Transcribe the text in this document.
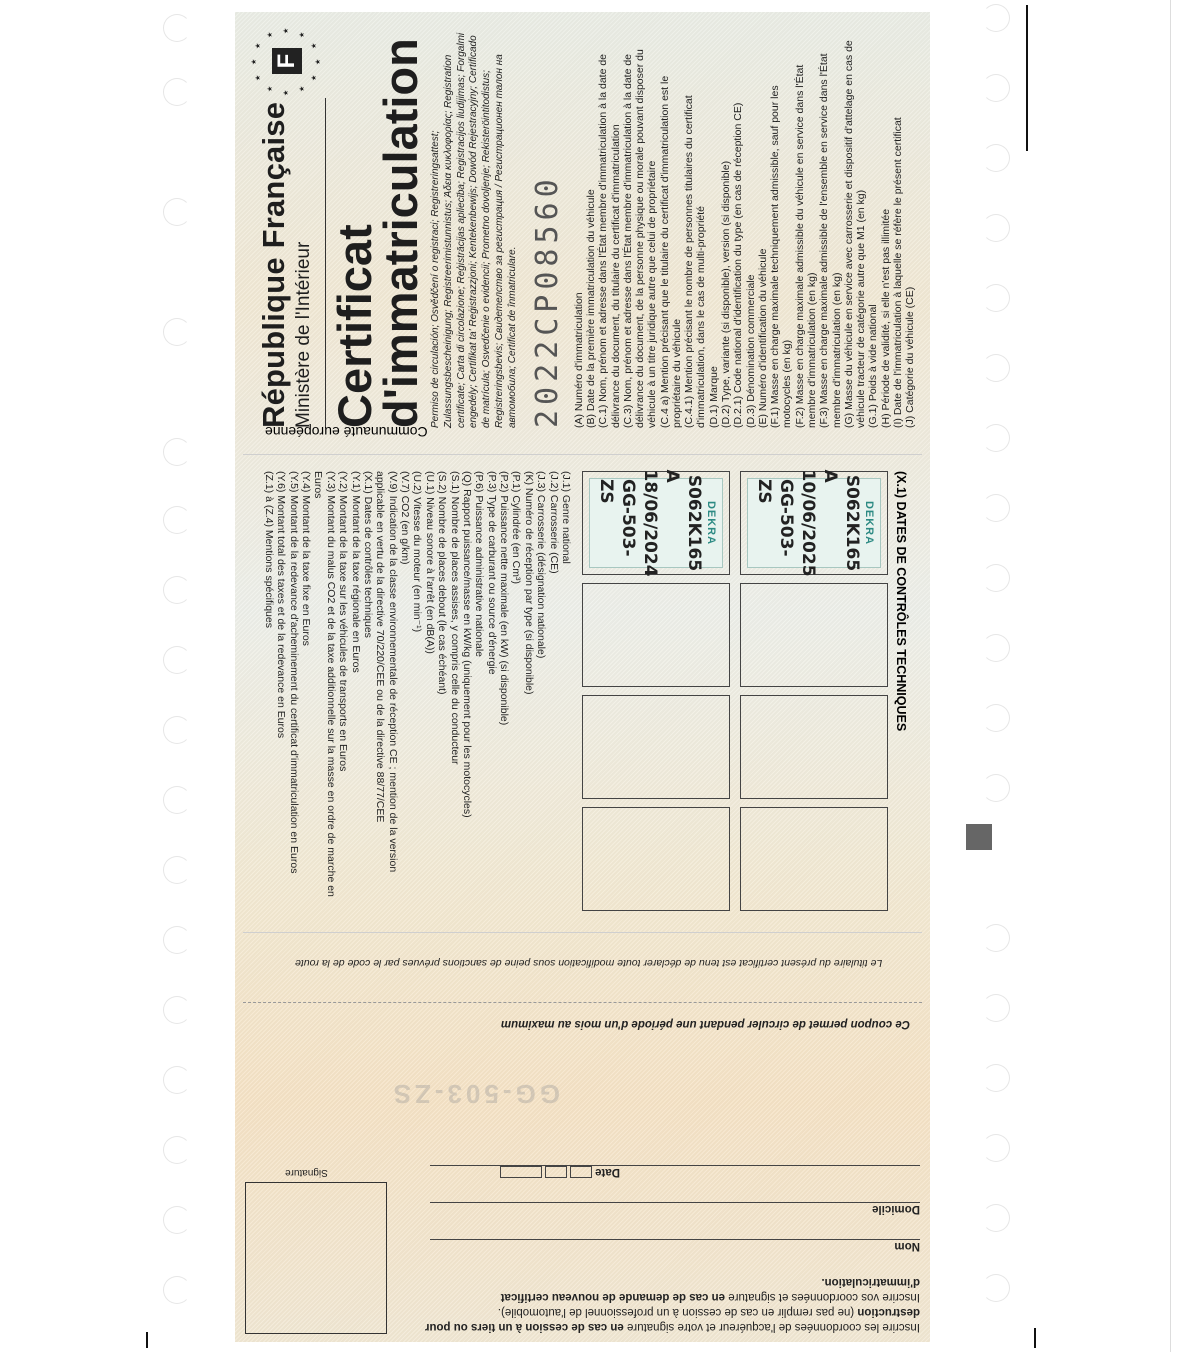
★
★
★
★
★
★
★
★
★
★
★
★
F
République Française Ministère de l'Intérieur Certificat
d'immatriculation Permiso de circulación; Osvědčení o registraci; Registreringsattest; Zulassungsbescheinigung; Registreerimistunnistus; Άδεια κυκλοφορίας; Registration certificate; Carta di circolazione; Reģistrācijas apliecība; Registracijos liudijimas; Forgalmi engedély; Certifikat ta' Reġistrazzjoni; Kentekenbewijs; Dowód Rejestracyjny; Certificado de matrícula; Osvedčenie o evidencii; Prometno dovoljenje; Rekisteröintitodistus; Registreringsbevis; Свидетелство за регистрация / Регистрационен талон на автомобила; Certificat de înmatriculare. 2022CP08560 (A) Numéro d'immatriculation (B) Date de la première immatriculation du véhicule (C.1) Nom, prénom et adresse dans l'État membre d'immatriculation à la date de délivrance du document, du titulaire du certificat d'immatriculation (C.3) Nom, prénom et adresse dans l'État membre d'immatriculation à la date de délivrance du document, de la personne physique ou morale pouvant disposer du véhicule à un titre juridique autre que celui de propriétaire (C.4 a) Mention précisant que le titulaire du certificat d'immatriculation est le propriétaire du véhicule (C.4.1) Mention précisant le nombre de personnes titulaires du certificat d'immatriculation, dans le cas de multi-propriété (D.1) Marque (D.2) Type, variante (si disponible), version (si disponible) (D.2.1) Code national d'identification du type (en cas de réception CE) (D.3) Dénomination commerciale (E) Numéro d'identification du véhicule (F.1) Masse en charge maximale techniquement admissible, sauf pour les motocycles (en kg) (F.2) Masse en charge maximale admissible du véhicule en service dans l'État membre d'immatriculation (en kg) (F.3) Masse en charge maximale admissible de l'ensemble en service dans l'État membre d'immatriculation (en kg) (G) Masse du véhicule en service avec carrosserie et dispositif d'attelage en cas de véhicule tracteur de catégorie autre que M1 (en kg) (G.1) Poids à vide national (H) Période de validité, si elle n'est pas illimitée (I) Date de l'immatriculation à laquelle se réfère le présent certificat (J) Catégorie du véhicule (CE)
Communauté européenne
(X.1) DATES DE CONTRÔLES TECHNIQUES
DEKRA
S062K165
A 10/06/2025
GG-503-ZS
DEKRA
S062K165
A 18/06/2024
GG-503-ZS
(J.1) Genre national
(J.2) Carrosserie (CE)
(J.3) Carrosserie (désignation nationale)
(K) Numéro de réception par type (si disponible)
(P.1) Cylindrée (en Cm³)
(P.2) Puissance nette maximale (en kW) (si disponible)
(P.3) Type de carburant ou source d'énergie
(P.6) Puissance administrative nationale
(Q) Rapport puissance/masse en kW/kg (uniquement pour les motocycles)
(S.1) Nombre de places assises, y compris celle du conducteur
(S.2) Nombre de places debout (le cas échéant)
(U.1) Niveau sonore à l'arrêt (en dB(A))
(U.2) Vitesse du moteur (en min⁻¹)
(V.7) CO2 (en g/km)
(V.9) Indication de la classe environnementale de réception CE ; mention de la version applicable en vertu de la directive 70/220/CEE ou de la directive 88/77/CEE
(X.1) Dates de contrôles techniques
(Y.1) Montant de la taxe régionale en Euros
(Y.2) Montant de la taxe sur les véhicules de transports en Euros
(Y.3) Montant du malus CO2 et de la taxe additionnelle sur la masse en ordre de marche en Euros
(Y.4) Montant de la taxe fixe en Euros
(Y.5) Montant de la redevance d'acheminement du certificat d'immatriculation en Euros
(Y.6) Montant total des taxes et de la redevance en Euros
(Z.1) à (Z.4) Mentions spécifiques
Le titulaire du présent certificat est tenu de déclarer toute modification sous peine de sanctions prévues par le code de la route
Ce coupon permet de circuler pendant une période d'un mois au maximum
GG-503-ZS
Inscrire les coordonnées de l'acquéreur et votre signature en cas de cession à un tiers ou pour destruction (ne pas remplir en cas de cession à un professionnel de l'automobile).
Inscrire vos coordonnées et signature en cas de demande de nouveau certificat d'immatriculation.
Nom
Domicile
Date
Signature
